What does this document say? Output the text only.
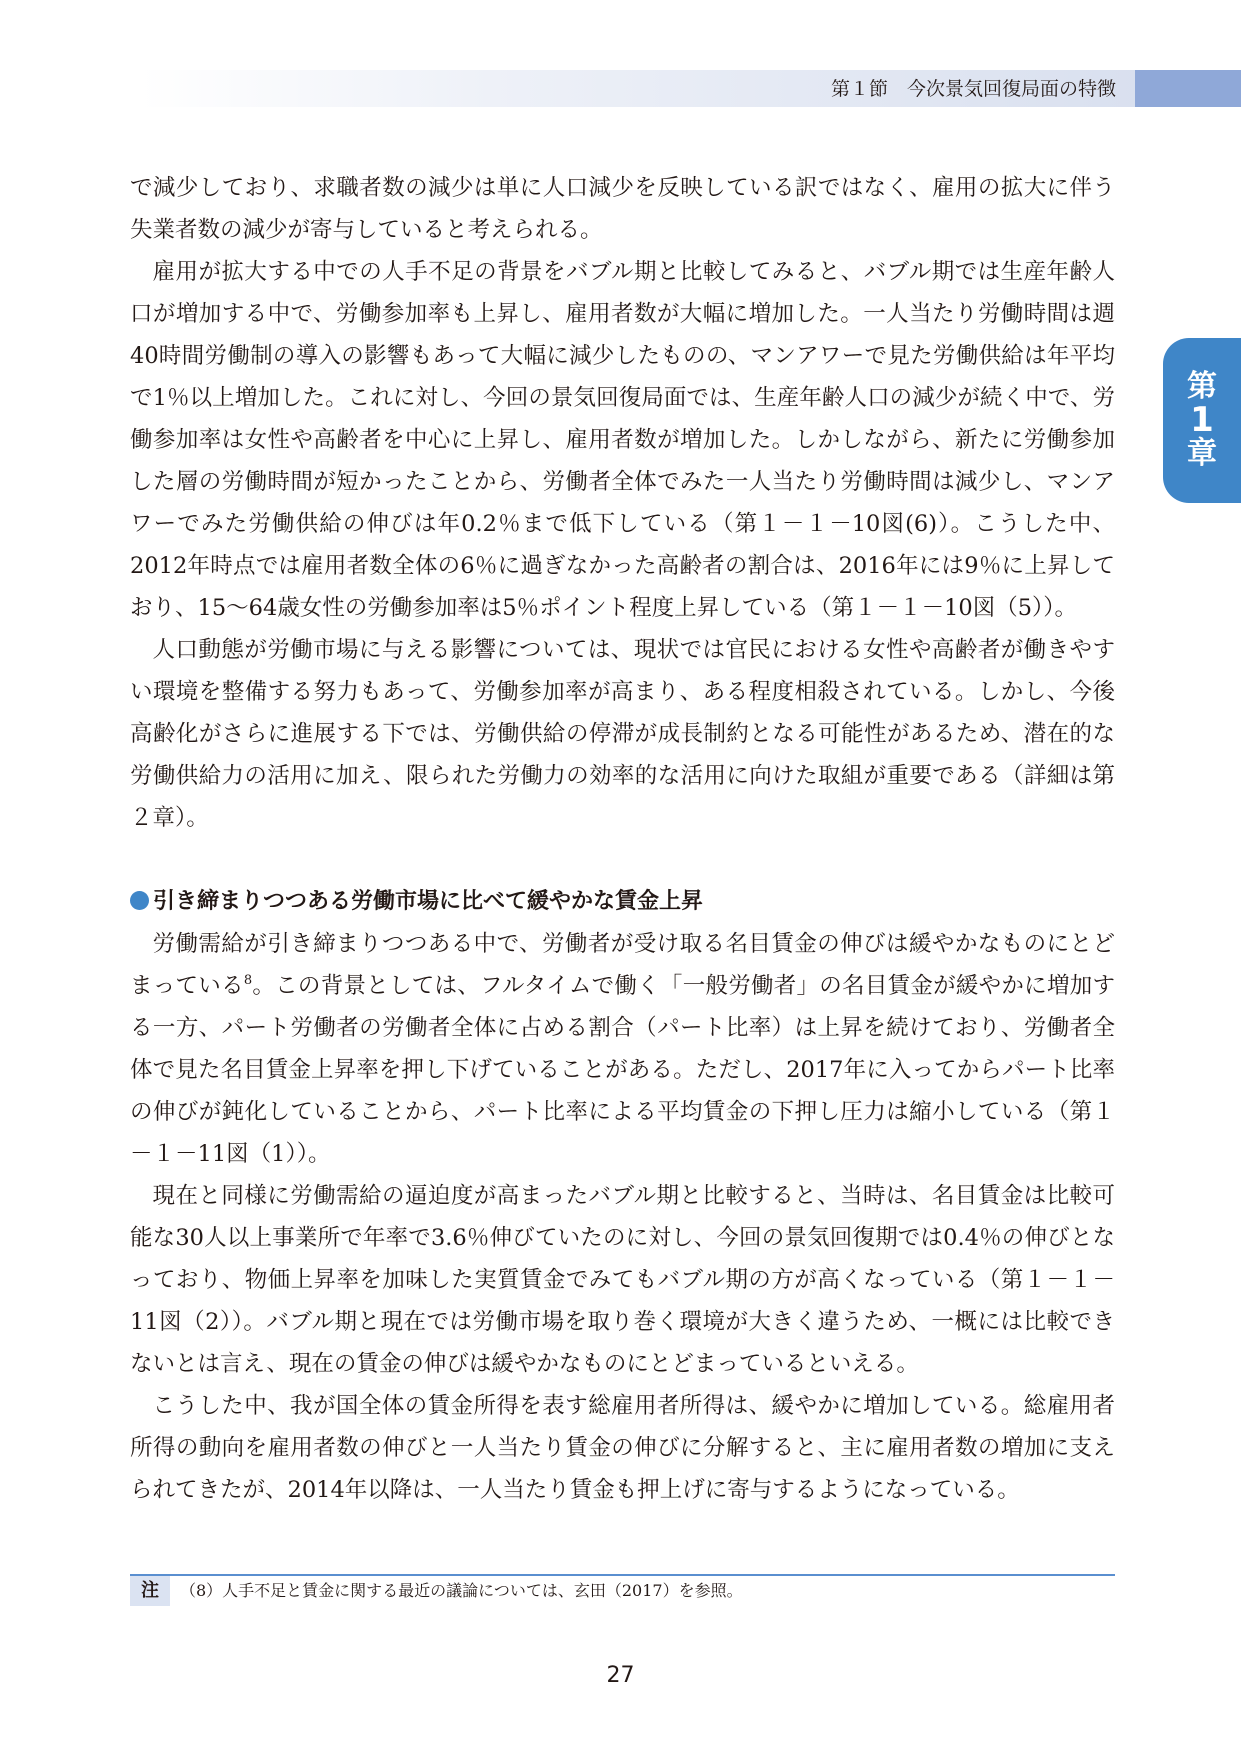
第１節　今次景気回復局面の特徴
第
1
章

で減少しており、求職者数の減少は単に人口減少を反映している訳ではなく、雇用の拡大に伴う失業者数の減少が寄与していると考えられる。

雇用が拡大する中での人手不足の背景をバブル期と比較してみると、バブル期では生産年齢人口が増加する中で、労働参加率も上昇し、雇用者数が大幅に増加した。一人当たり労働時間は週40時間労働制の導入の影響もあって大幅に減少したものの、マンアワーで見た労働供給は年平均で1％以上増加した。これに対し、今回の景気回復局面では、生産年齢人口の減少が続く中で、労働参加率は女性や高齢者を中心に上昇し、雇用者数が増加した。しかしながら、新たに労働参加した層の労働時間が短かったことから、労働者全体でみた一人当たり労働時間は減少し、マンアワーでみた労働供給の伸びは年0.2％まで低下している（第１－１－10図(6)）。こうした中、2012年時点では雇用者数全体の6％に過ぎなかった高齢者の割合は、2016年には9％に上昇しており、15～64歳女性の労働参加率は5％ポイント程度上昇している（第１－１－10図（5））。

人口動態が労働市場に与える影響については、現状では官民における女性や高齢者が働きやすい環境を整備する努力もあって、労働参加率が高まり、ある程度相殺されている。しかし、今後高齢化がさらに進展する下では、労働供給の停滞が成長制約となる可能性があるため、潜在的な労働供給力の活用に加え、限られた労働力の効率的な活用に向けた取組が重要である（詳細は第２章）。

引き締まりつつある労働市場に比べて緩やかな賃金上昇

労働需給が引き締まりつつある中で、労働者が受け取る名目賃金の伸びは緩やかなものにとどまっている$^8$。この背景としては、フルタイムで働く「一般労働者」の名目賃金が緩やかに増加する一方、パート労働者の労働者全体に占める割合（パート比率）は上昇を続けており、労働者全体で見た名目賃金上昇率を押し下げていることがある。ただし、2017年に入ってからパート比率の伸びが鈍化していることから、パート比率による平均賃金の下押し圧力は縮小している（第１－１－11図（1））。

現在と同様に労働需給の逼迫度が高まったバブル期と比較すると、当時は、名目賃金は比較可能な30人以上事業所で年率で3.6％伸びていたのに対し、今回の景気回復期では0.4％の伸びとなっており、物価上昇率を加味した実質賃金でみてもバブル期の方が高くなっている（第１－１－11図（2））。バブル期と現在では労働市場を取り巻く環境が大きく違うため、一概には比較できないとは言え、現在の賃金の伸びは緩やかなものにとどまっているといえる。

こうした中、我が国全体の賃金所得を表す総雇用者所得は、緩やかに増加している。総雇用者所得の動向を雇用者数の伸びと一人当たり賃金の伸びに分解すると、主に雇用者数の増加に支えられてきたが、2014年以降は、一人当たり賃金も押上げに寄与するようになっている。

注	（8）人手不足と賃金に関する最近の議論については、玄田（2017）を参照。
27
